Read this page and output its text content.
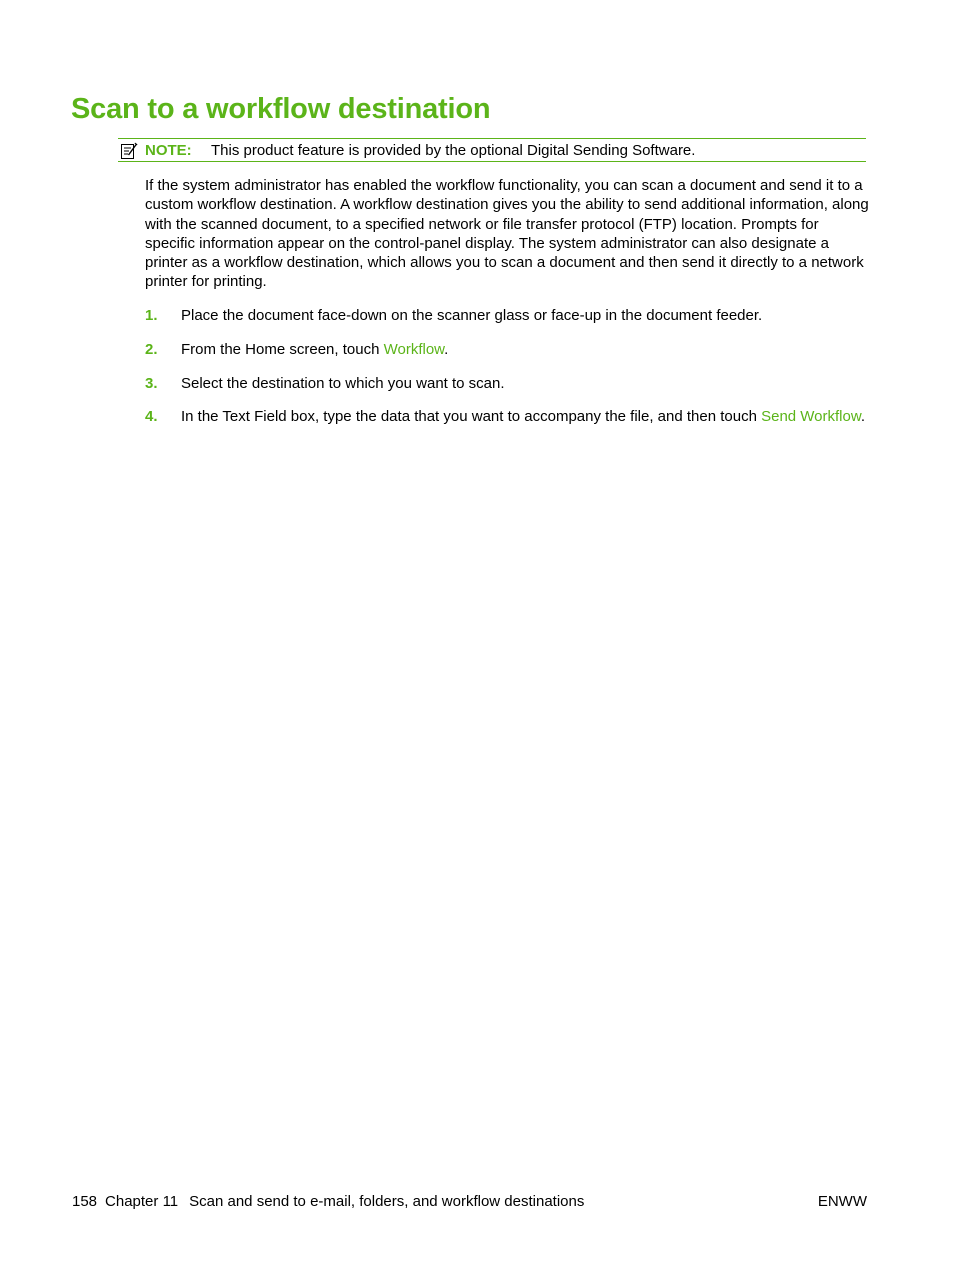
Scan to a workflow destination
NOTE: This product feature is provided by the optional Digital Sending Software.

If the system administrator has enabled the workflow functionality, you can scan a document and send it to a custom workflow destination. A workflow destination gives you the ability to send additional information, along with the scanned document, to a specified network or file transfer protocol (FTP) location. Prompts for specific information appear on the control-panel display. The system administrator can also designate a printer as a workflow destination, which allows you to scan a document and then send it directly to a network printer for printing.

1. Place the document face-down on the scanner glass or face-up in the document feeder.
2. From the Home screen, touch Workflow.
3. Select the destination to which you want to scan.
4. In the Text Field box, type the data that you want to accompany the file, and then touch Send Workflow.
158 Chapter 11 Scan and send to e-mail, folders, and workflow destinations	ENWW
